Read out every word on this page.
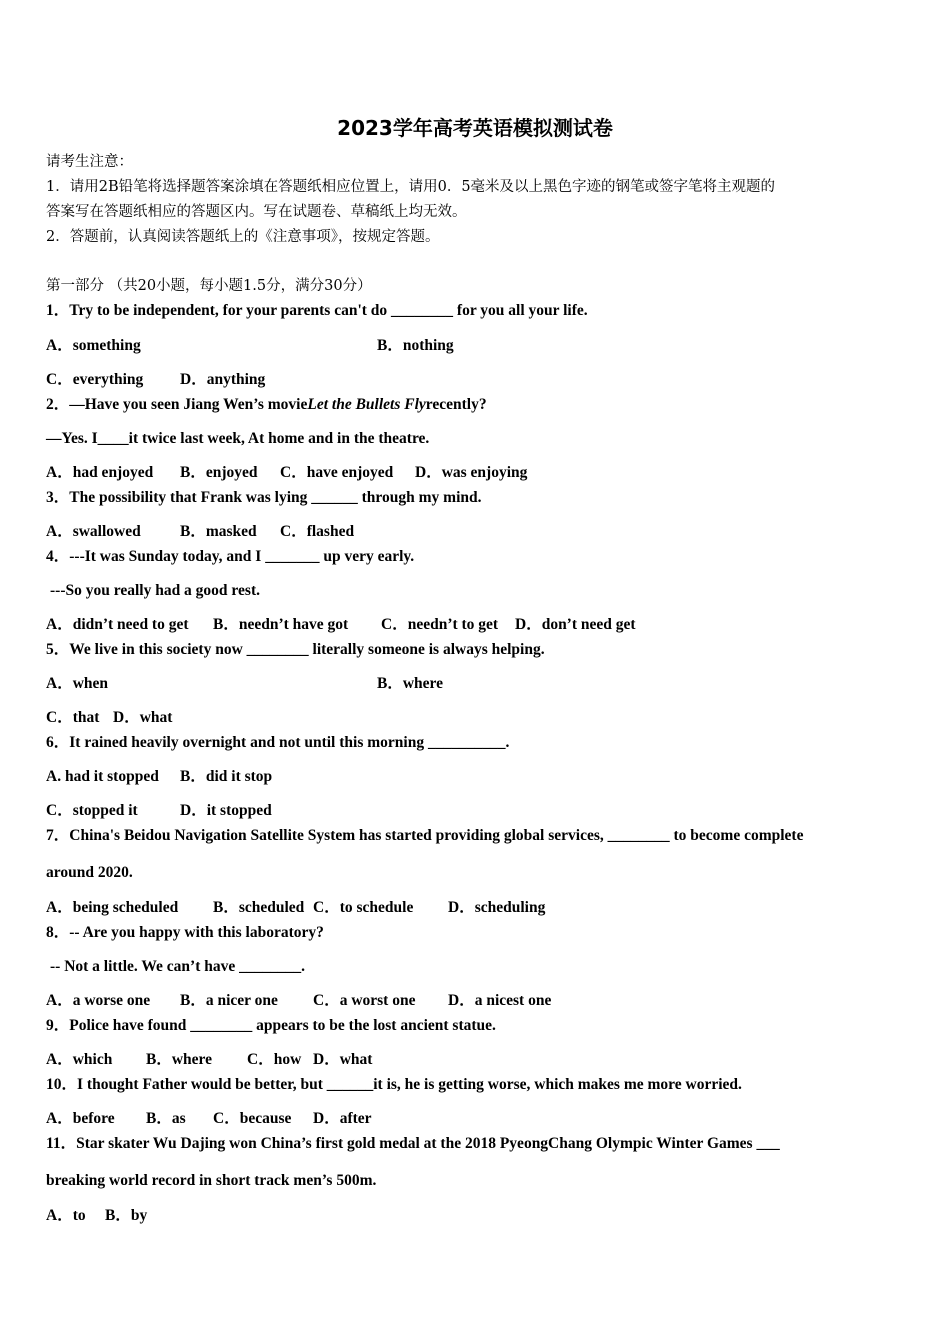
2023学年高考英语模拟测试卷
请考生注意：
1．请用2B铅笔将选择题答案涂填在答题纸相应位置上，请用0．5毫米及以上黑色字迹的钢笔或签字笔将主观题的
答案写在答题纸相应的答题区内。写在试题卷、草稿纸上均无效。
2．答题前，认真阅读答题纸上的《注意事项》，按规定答题。
第一部分 （共20小题，每小题1.5分，满分30分）
1．Try to be independent, for your parents can't do ________ for you all your life.
A．something	B．nothing
C．everything D．anything
2．—Have you seen Jiang Wen’s movieLet the Bullets Flyrecently?
—Yes. I____it twice last week, At home and in the theatre.
A．had enjoyed B．enjoyed C．have enjoyed D．was enjoying
3．The possibility that Frank was lying ______ through my mind.
A．swallowed	B．masked C．flashed
4．---It was Sunday today, and I _______ up very early.
---So you really had a good rest.
A．didn’t need to get B．needn’t have got C．needn’t to get D．don’t need get
5．We live in this society now ________ literally someone is always helping.
A．when	B．where
C．that D．what
6．It rained heavily overnight and not until this morning __________.
A. had it stopped B．did it stop
C．stopped it	D．it stopped
7．China's Beidou Navigation Satellite System has started providing global services, ________ to become complete
around 2020.
A．being scheduled B．scheduled C．to schedule D．scheduling
8．-- Are you happy with this laboratory?
-- Not a little. We can’t have ________.
A．a worse one B．a nicer one C．a worst one D．a nicest one
9．Police have found ________ appears to be the lost ancient statue.
A．which B．where C．how D．what
10．I thought Father would be better, but ______it is, he is getting worse, which makes me more worried.
A．before B．as C．because D．after
11．Star skater Wu Dajing won China’s first gold medal at the 2018 PyeongChang Olympic Winter Games ___
breaking world record in short track men’s 500m.
A．to B．by
